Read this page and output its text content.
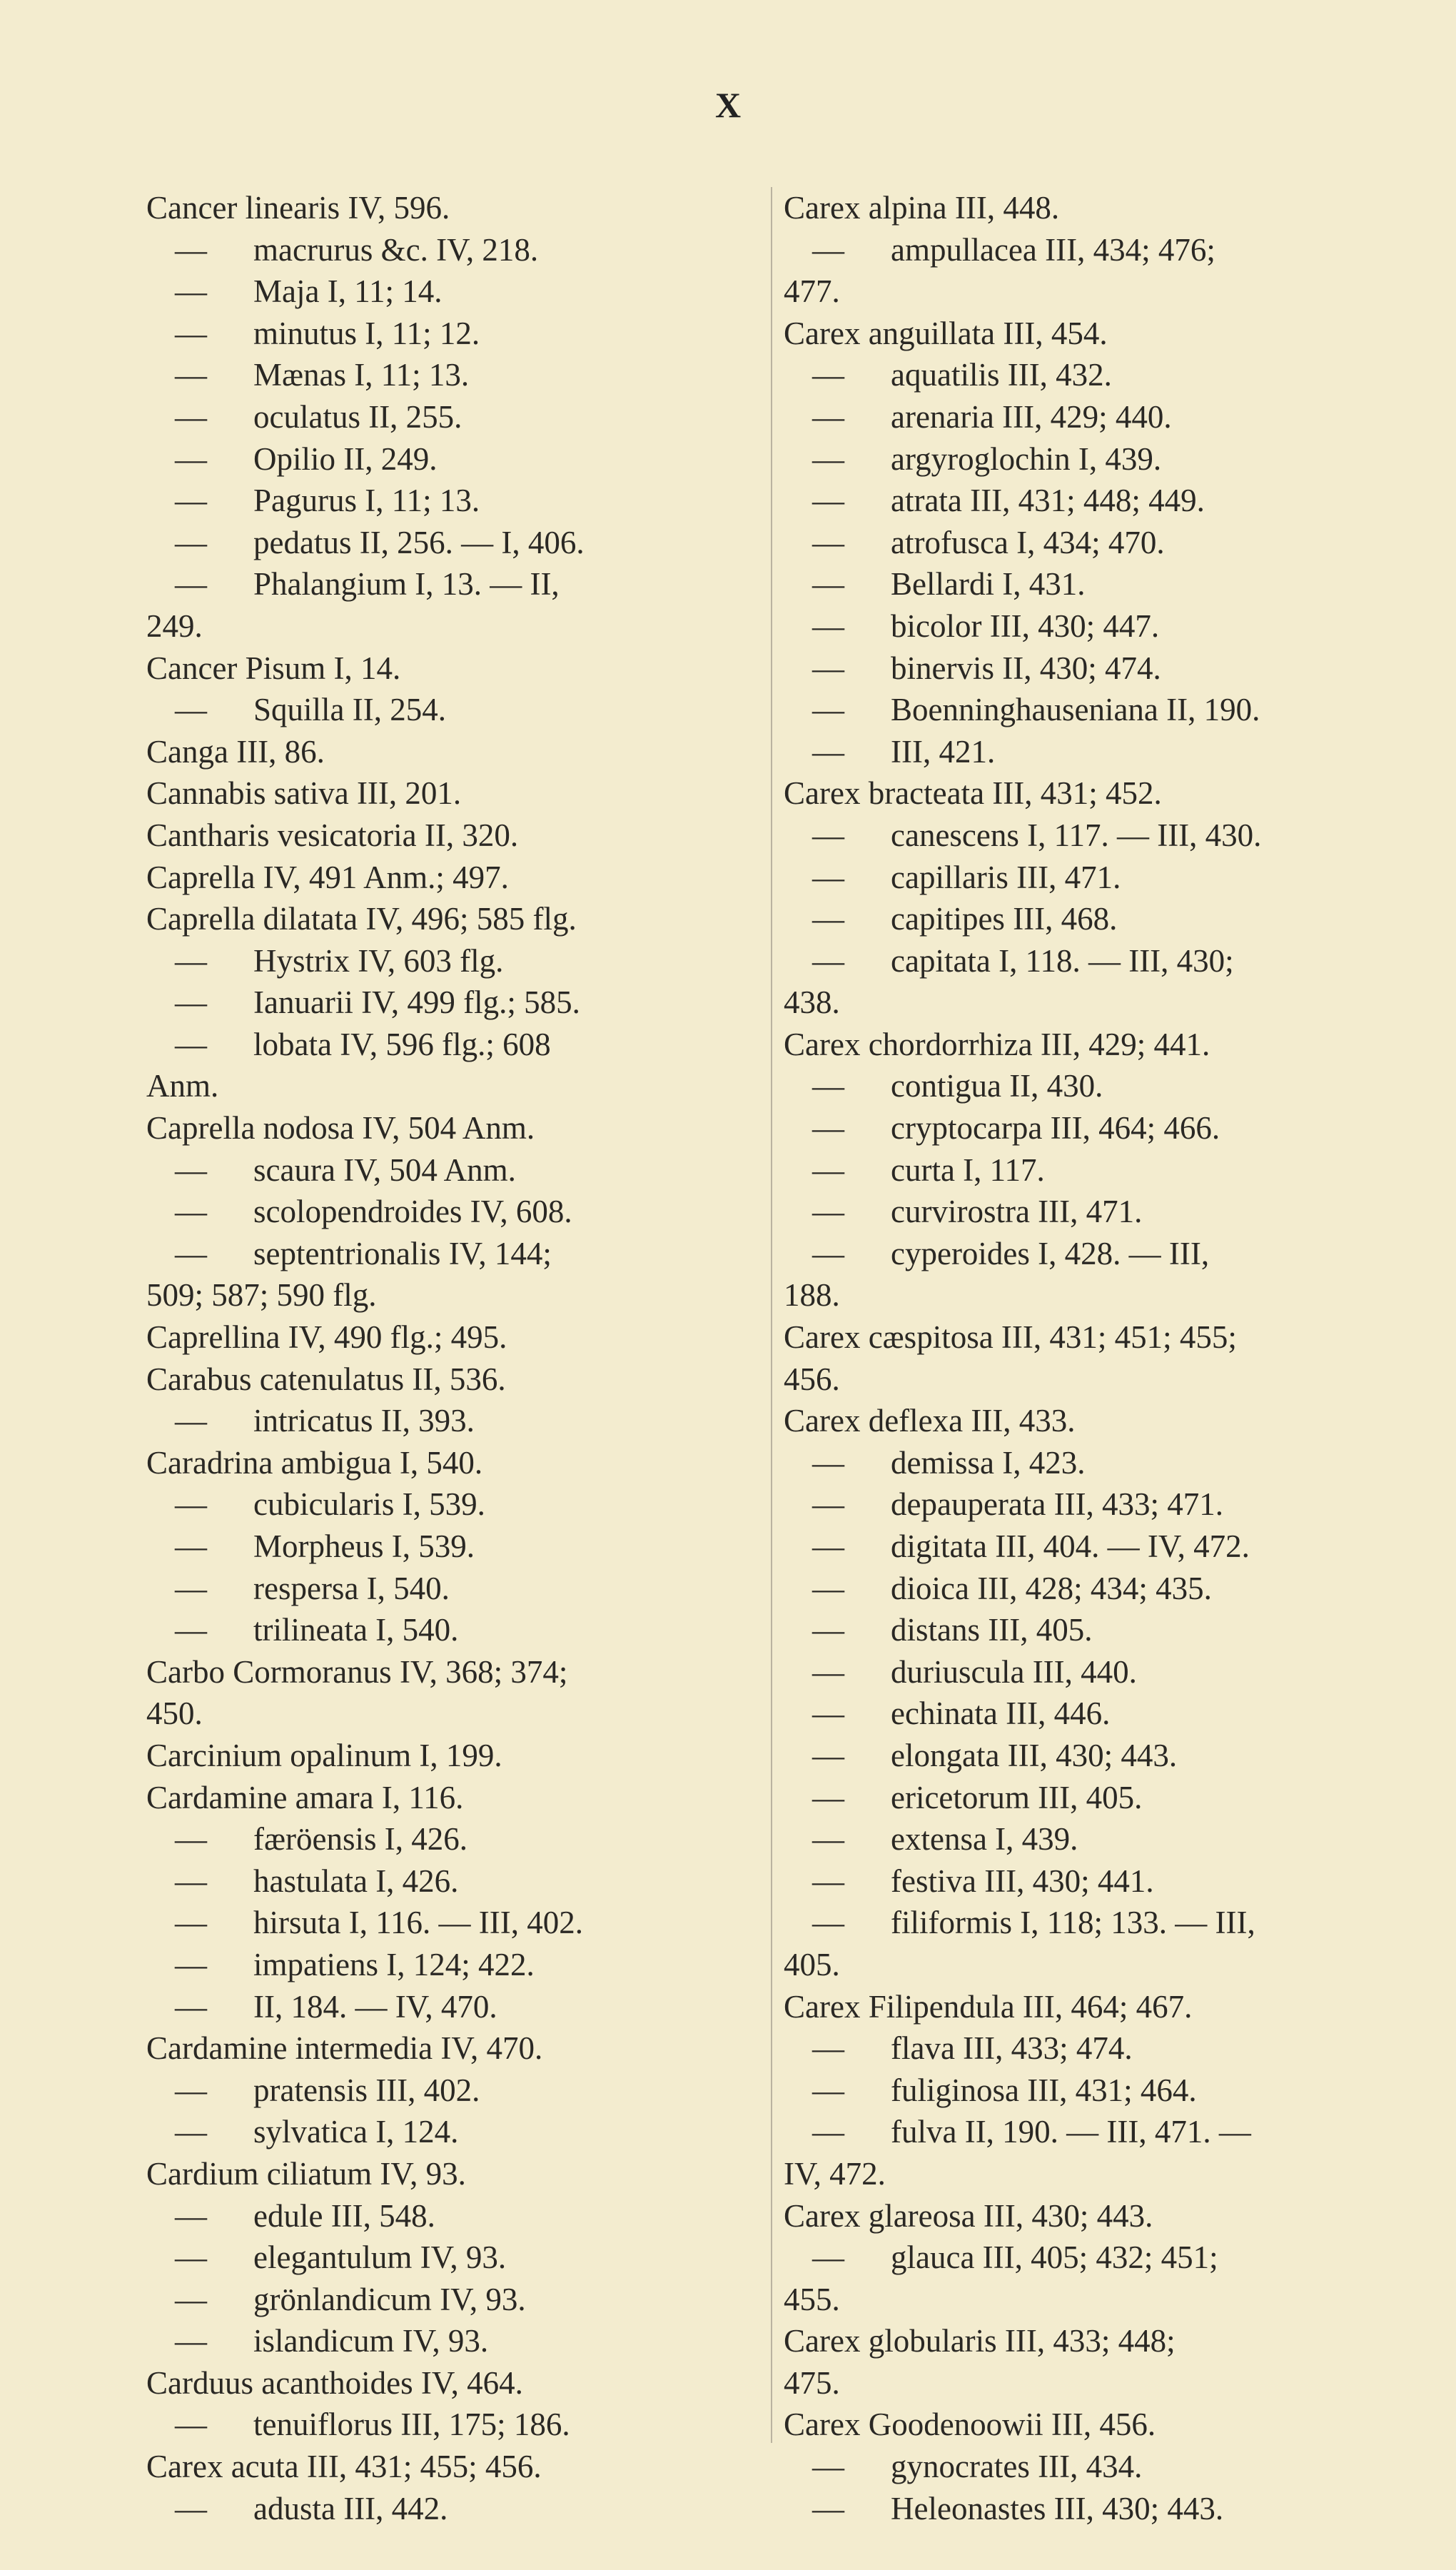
X
Cancer linearis IV, 596.
— macrurus &c. IV, 218.
— Maja I, 11; 14.
— minutus I, 11; 12.
— Mænas I, 11; 13.
— oculatus II, 255.
— Opilio II, 249.
— Pagurus I, 11; 13.
— pedatus II, 256. — I, 406.
— Phalangium I, 13. — II,
249.
Cancer Pisum I, 14.
— Squilla II, 254.
Canga III, 86.
Cannabis sativa III, 201.
Cantharis vesicatoria II, 320.
Caprella IV, 491 Anm.; 497.
Caprella dilatata IV, 496; 585 flg.
— Hystrix IV, 603 flg.
— Ianuarii IV, 499 flg.; 585.
— lobata IV, 596 flg.; 608
Anm.
Caprella nodosa IV, 504 Anm.
— scaura IV, 504 Anm.
— scolopendroides IV, 608.
— septentrionalis IV, 144;
509; 587; 590 flg.
Caprellina IV, 490 flg.; 495.
Carabus catenulatus II, 536.
— intricatus II, 393.
Caradrina ambigua I, 540.
— cubicularis I, 539.
— Morpheus I, 539.
— respersa I, 540.
— trilineata I, 540.
Carbo Cormoranus IV, 368; 374;
450.
Carcinium opalinum I, 199.
Cardamine amara I, 116.
— færöensis I, 426.
— hastulata I, 426.
— hirsuta I, 116. — III, 402.
— impatiens I, 124; 422.
— II, 184. — IV, 470.
Cardamine intermedia IV, 470.
— pratensis III, 402.
— sylvatica I, 124.
Cardium ciliatum IV, 93.
— edule III, 548.
— elegantulum IV, 93.
— grönlandicum IV, 93.
— islandicum IV, 93.
Carduus acanthoides IV, 464.
— tenuiflorus III, 175; 186.
Carex acuta III, 431; 455; 456.
— adusta III, 442.
Carex alpina III, 448.
— ampullacea III, 434; 476;
477.
Carex anguillata III, 454.
— aquatilis III, 432.
— arenaria III, 429; 440.
— argyroglochin I, 439.
— atrata III, 431; 448; 449.
— atrofusca I, 434; 470.
— Bellardi I, 431.
— bicolor III, 430; 447.
— binervis II, 430; 474.
— Boenninghauseniana II, 190.
— III, 421.
Carex bracteata III, 431; 452.
— canescens I, 117. — III, 430.
— capillaris III, 471.
— capitipes III, 468.
— capitata I, 118. — III, 430;
438.
Carex chordorrhiza III, 429; 441.
— contigua II, 430.
— cryptocarpa III, 464; 466.
— curta I, 117.
— curvirostra III, 471.
— cyperoides I, 428. — III,
188.
Carex cæspitosa III, 431; 451; 455;
456.
Carex deflexa III, 433.
— demissa I, 423.
— depauperata III, 433; 471.
— digitata III, 404. — IV, 472.
— dioica III, 428; 434; 435.
— distans III, 405.
— duriuscula III, 440.
— echinata III, 446.
— elongata III, 430; 443.
— ericetorum III, 405.
— extensa I, 439.
— festiva III, 430; 441.
— filiformis I, 118; 133. — III,
405.
Carex Filipendula III, 464; 467.
— flava III, 433; 474.
— fuliginosa III, 431; 464.
— fulva II, 190. — III, 471. —
IV, 472.
Carex glareosa III, 430; 443.
— glauca III, 405; 432; 451;
455.
Carex globularis III, 433; 448;
475.
Carex Goodenoowii III, 456.
— gynocrates III, 434.
— Heleonastes III, 430; 443.
